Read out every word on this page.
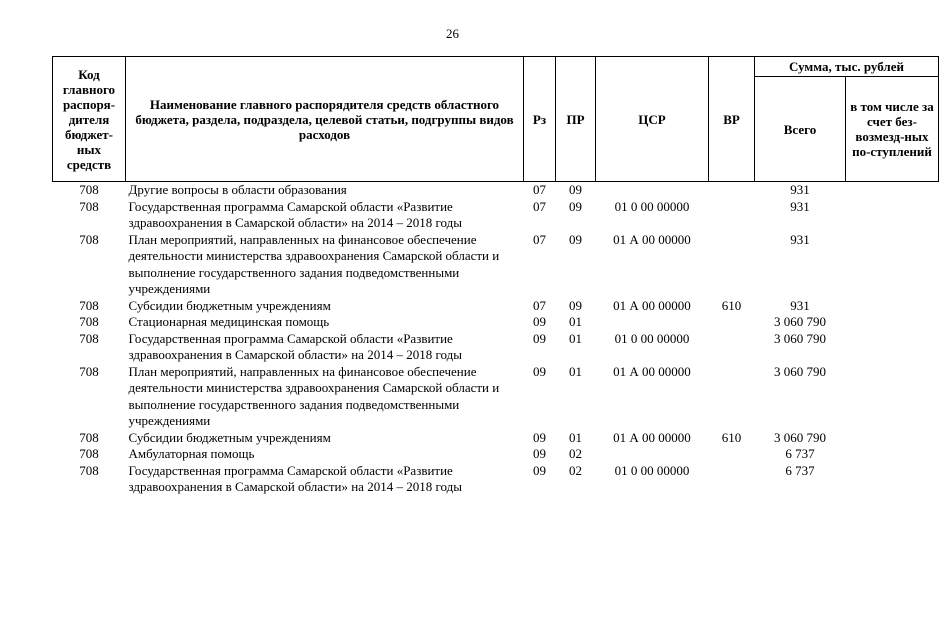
26
Код главного распоря-дителя бюджет-ных средств	Наименование главного распорядителя средств областного бюджета, раздела, подраздела, целевой статьи, подгруппы видов расходов	Рз	ПР	ЦСР	ВР	Сумма, тыс. рублей	
						Всего	в том числе за счет без-возмезд-ных по-ступлений
708	Другие вопросы в области образования	07	09			931	
708	Государственная программа Самарской области «Развитие здравоохранения в Самарской области» на 2014 – 2018 годы	07	09	01 0 00 00000		931	
708	План мероприятий, направленных на финансовое обеспечение деятельности министерства здравоохранения Самарской области и выполнение государственного задания подведомственными учреждениями	07	09	01 А 00 00000		931	
708	Субсидии бюджетным учреждениям	07	09	01 А 00 00000	610	931	
708	Стационарная медицинская помощь	09	01			3 060 790	
708	Государственная программа Самарской области «Развитие здравоохранения в Самарской области» на 2014 – 2018 годы	09	01	01 0 00 00000		3 060 790	
708	План мероприятий, направленных на финансовое обеспечение деятельности министерства здравоохранения Самарской области и выполнение государственного задания подведомственными учреждениями	09	01	01 А 00 00000		3 060 790	
708	Субсидии бюджетным учреждениям	09	01	01 А 00 00000	610	3 060 790	
708	Амбулаторная помощь	09	02			6 737	
708	Государственная программа Самарской области «Развитие здравоохранения в Самарской области» на 2014 – 2018 годы	09	02	01 0 00 00000		6 737	
